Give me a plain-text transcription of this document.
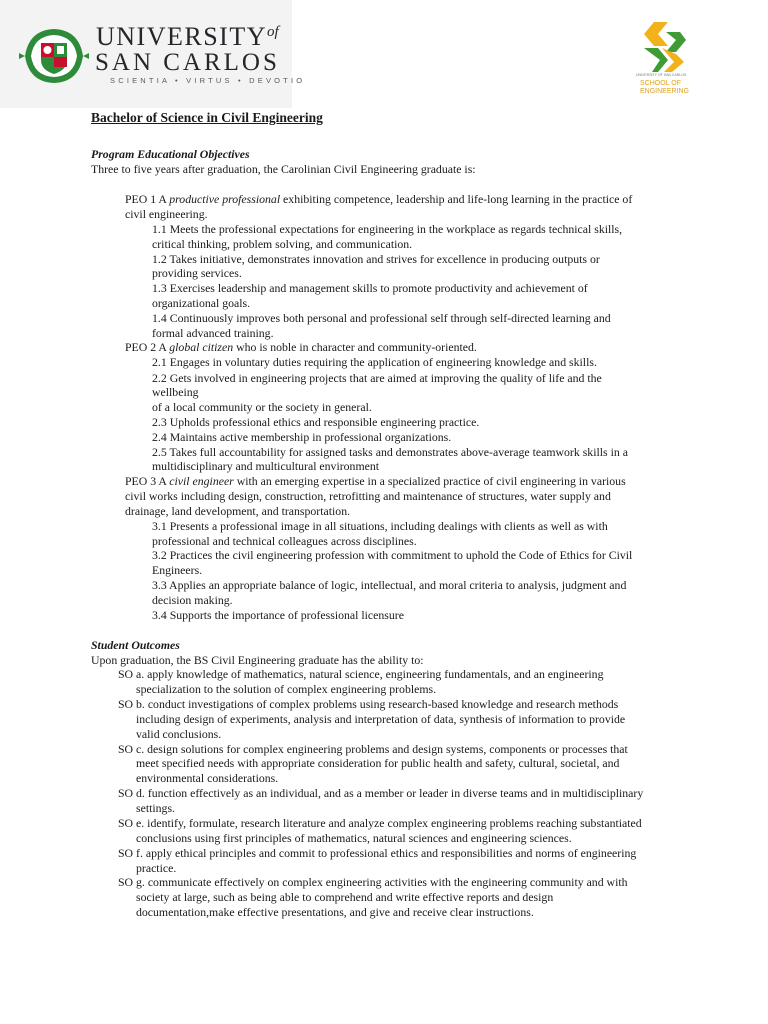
$UNIVERSITY^{of}$
SAN CARLOS
SCIENTIA • VIRTUS • DEVOTIO
UNIVERSITY OF SAN CARLOS
SCHOOL OF
ENGINEERING
Bachelor of Science in Civil Engineering
Program Educational Objectives
Three to five years after graduation, the Carolinian Civil Engineering graduate is:
PEO 1 A productive professional exhibiting competence, leadership and life-long learning in the practice of
civil engineering.
1.1 Meets the professional expectations for engineering in the workplace as regards technical skills,
critical thinking, problem solving, and communication.
1.2 Takes initiative, demonstrates innovation and strives for excellence in producing outputs or
providing services.
1.3 Exercises leadership and management skills to promote productivity and achievement of
organizational goals.
1.4 Continuously improves both personal and professional self through self-directed learning and
formal advanced training.
PEO 2 A global citizen who is noble in character and community-oriented.
2.1 Engages in voluntary duties requiring the application of engineering knowledge and skills.
2.2 Gets involved in engineering projects that are aimed at improving the quality of life and the
wellbeing
of a local community or the society in general.
2.3 Upholds professional ethics and responsible engineering practice.
2.4 Maintains active membership in professional organizations.
2.5 Takes full accountability for assigned tasks and demonstrates above-average teamwork skills in a
multidisciplinary and multicultural environment
PEO 3 A civil engineer with an emerging expertise in a specialized practice of civil engineering in various
civil works including design, construction, retrofitting and maintenance of structures, water supply and
drainage, land development, and transportation.
3.1 Presents a professional image in all situations, including dealings with clients as well as with
professional and technical colleagues across disciplines.
3.2 Practices the civil engineering profession with commitment to uphold the Code of Ethics for Civil
Engineers.
3.3 Applies an appropriate balance of logic, intellectual, and moral criteria to analysis, judgment and
decision making.
3.4 Supports the importance of professional licensure
Student Outcomes
Upon graduation, the BS Civil Engineering graduate has the ability to:
SO a. apply knowledge of mathematics, natural science, engineering fundamentals, and an engineering
specialization to the solution of complex engineering problems.
SO b. conduct investigations of complex problems using research-based knowledge and research methods
including design of experiments, analysis and interpretation of data, synthesis of information to provide
valid conclusions.
SO c. design solutions for complex engineering problems and design systems, components or processes that
meet specified needs with appropriate consideration for public health and safety, cultural, societal, and
environmental considerations.
SO d. function effectively as an individual, and as a member or leader in diverse teams and in multidisciplinary
settings.
SO e. identify, formulate, research literature and analyze complex engineering problems reaching substantiated
conclusions using first principles of mathematics, natural sciences and engineering sciences.
SO f. apply ethical principles and commit to professional ethics and responsibilities and norms of engineering
practice.
SO g. communicate effectively on complex engineering activities with the engineering community and with
society at large, such as being able to comprehend and write effective reports and design
documentation,make effective presentations, and give and receive clear instructions.
